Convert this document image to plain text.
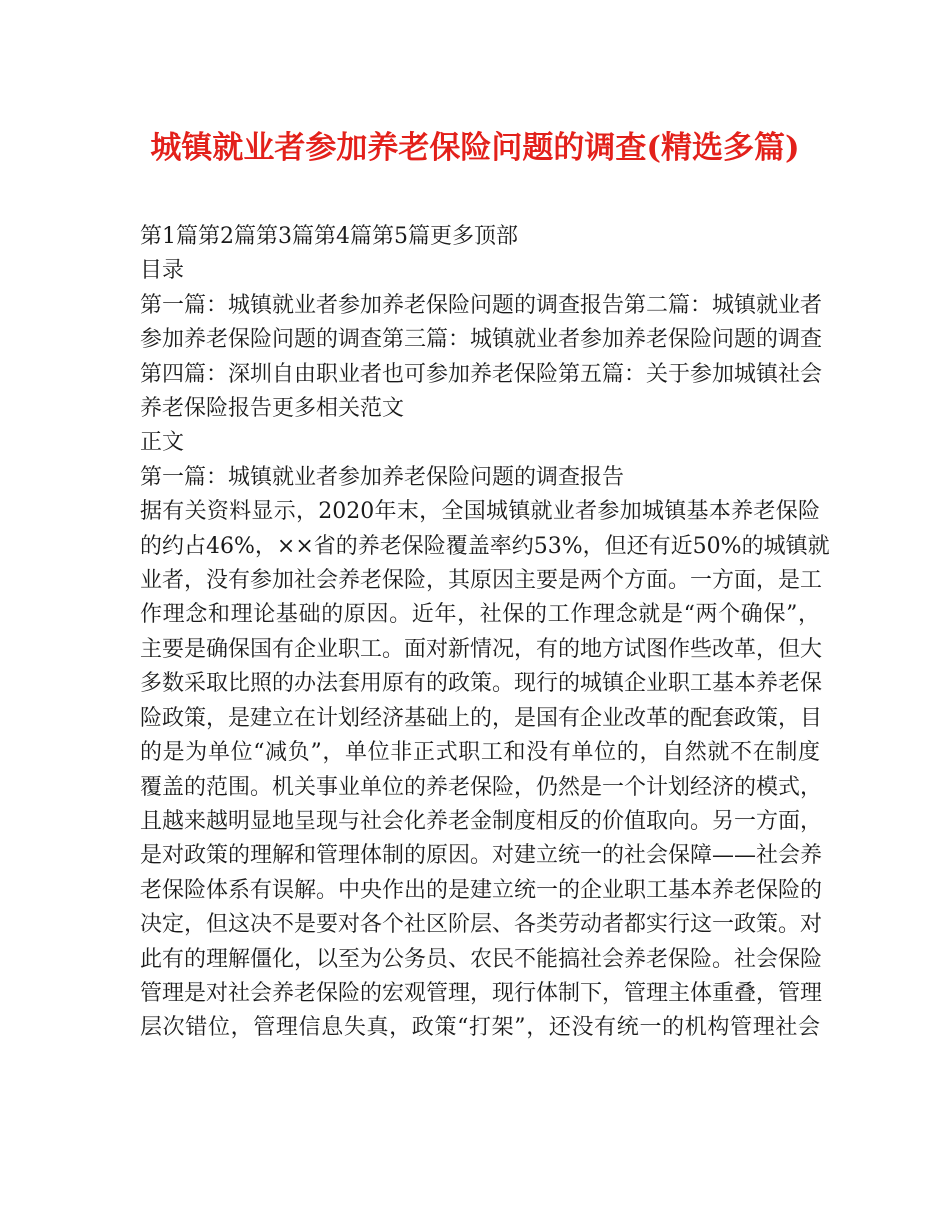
城镇就业者参加养老保险问题的调查(精选多篇)
第1篇第2篇第3篇第4篇第5篇更多顶部
目录
第一篇：城镇就业者参加养老保险问题的调查报告第二篇：城镇就业者
参加养老保险问题的调查第三篇：城镇就业者参加养老保险问题的调查
第四篇：深圳自由职业者也可参加养老保险第五篇：关于参加城镇社会
养老保险报告更多相关范文
正文
第一篇：城镇就业者参加养老保险问题的调查报告
据有关资料显示，2020年末，全国城镇就业者参加城镇基本养老保险
的约占46%，××省的养老保险覆盖率约53%，但还有近50%的城镇就
业者，没有参加社会养老保险，其原因主要是两个方面。一方面，是工
作理念和理论基础的原因。近年，社保的工作理念就是“两个确保”，
主要是确保国有企业职工。面对新情况，有的地方试图作些改革，但大
多数采取比照的办法套用原有的政策。现行的城镇企业职工基本养老保
险政策，是建立在计划经济基础上的，是国有企业改革的配套政策，目
的是为单位“减负”，单位非正式职工和没有单位的，自然就不在制度
覆盖的范围。机关事业单位的养老保险，仍然是一个计划经济的模式，
且越来越明显地呈现与社会化养老金制度相反的价值取向。另一方面，
是对政策的理解和管理体制的原因。对建立统一的社会保障——社会养
老保险体系有误解。中央作出的是建立统一的企业职工基本养老保险的
决定，但这决不是要对各个社区阶层、各类劳动者都实行这一政策。对
此有的理解僵化，以至为公务员、农民不能搞社会养老保险。社会保险
管理是对社会养老保险的宏观管理，现行体制下，管理主体重叠，管理
层次错位，管理信息失真，政策“打架”，还没有统一的机构管理社会
